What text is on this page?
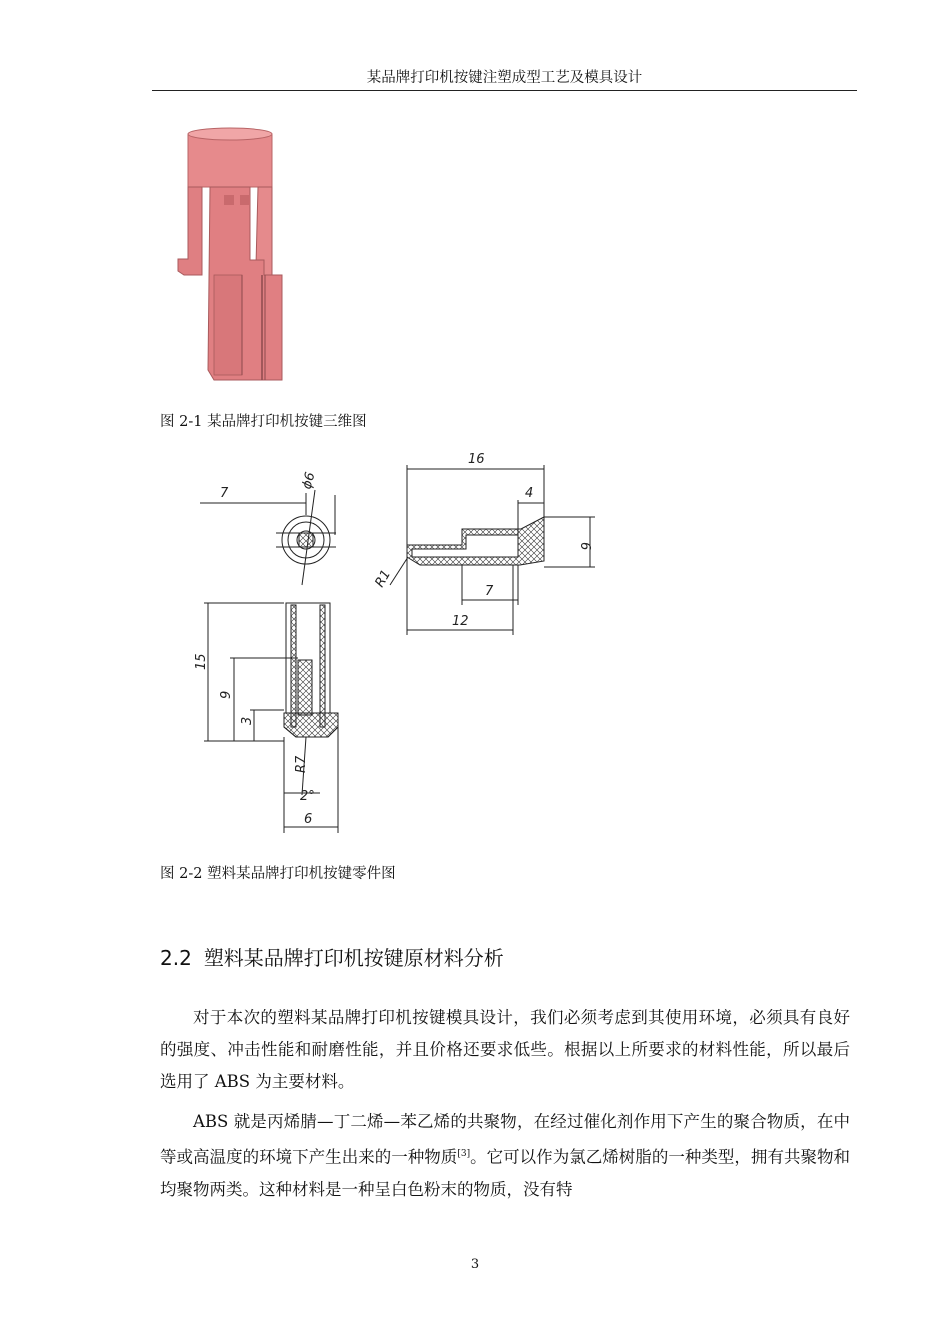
某品牌打印机按键注塑成型工艺及模具设计
图 2-1 某品牌打印机按键三维图
7
ϕ6
16
4
6
R1
7
12
15
9
3
R7
2°
6
图 2-2 塑料某品牌打印机按键零件图
2.2 塑料某品牌打印机按键原材料分析

对于本次的塑料某品牌打印机按键模具设计，我们必须考虑到其使用环境，必须具有良好的强度、冲击性能和耐磨性能，并且价格还要求低些。根据以上所要求的材料性能，所以最后选用了 ABS 为主要材料。

ABS 就是丙烯腈—丁二烯—苯乙烯的共聚物，在经过催化剂作用下产生的聚合物质，在中等或高温度的环境下产生出来的一种物质[3]。它可以作为氯乙烯树脂的一种类型，拥有共聚物和均聚物两类。这种材料是一种呈白色粉末的物质，没有特

3
